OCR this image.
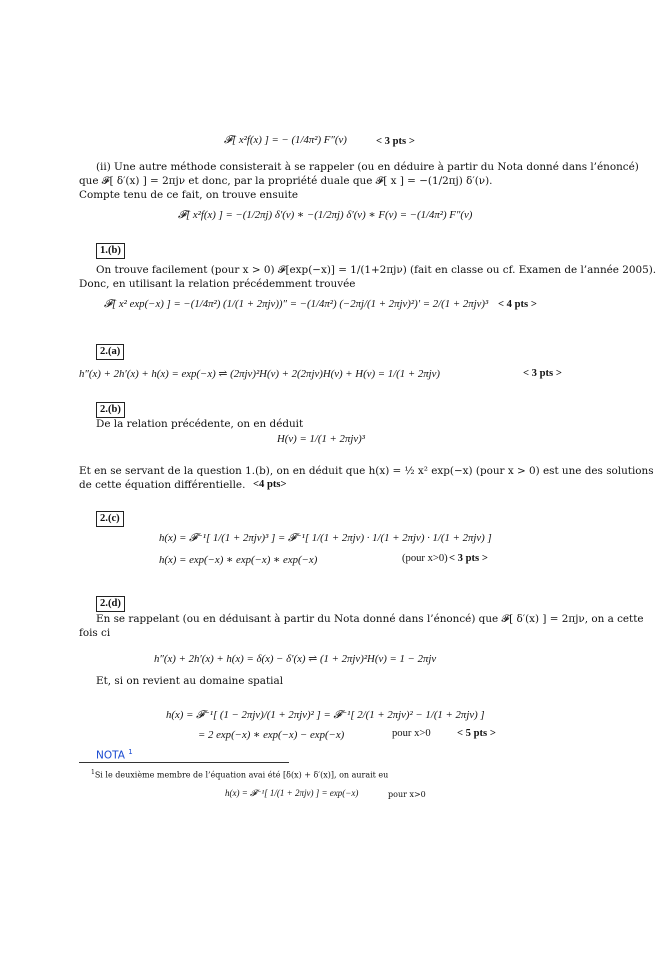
𝓕[ x²f(x) ] = − (1/4π²) F″(ν)	< 3 pts >
(ii) Une autre méthode consisterait à se rappeler (ou en déduire à partir du Nota donné dans l’énoncé)
que 𝓕[ δ′(x) ] = 2πjν et donc, par la propriété duale que 𝓕[ x ] = −(1/2πj) δ′(ν).
Compte tenu de ce fait, on trouve ensuite
𝓕[ x²f(x) ] = −(1/2πj) δ′(ν) ∗ −(1/2πj) δ′(ν) ∗ F(ν) = −(1/4π²) F″(ν)
1.(b)
On trouve facilement (pour x > 0) 𝓕[exp(−x)] = 1/(1+2πjν) (fait en classe ou cf. Examen de l’année 2005).
Donc, en utilisant la relation précédemment trouvée
𝓕[ x² exp(−x) ] = −(1/4π²) (1/(1 + 2πjν))″ = −(1/4π²) (−2πj/(1 + 2πjν)²)′ = 2/(1 + 2πjν)³ < 4 pts >
2.(a)
h″(x) + 2h′(x) + h(x) = exp(−x) ⇌ (2πjν)²H(ν) + 2(2πjν)H(ν) + H(ν) = 1/(1 + 2πjν)	< 3 pts >
2.(b)
De la relation précédente, on en déduit
H(ν) = 1/(1 + 2πjν)³
Et en se servant de la question 1.(b), on en déduit que h(x) = ½ x² exp(−x) (pour x > 0) est une des solutions
de cette équation différentielle. <4 pts>
2.(c)
h(x) = 𝓕⁻¹[ 1/(1 + 2πjν)³ ] = 𝓕⁻¹[ 1/(1 + 2πjν) · 1/(1 + 2πjν) · 1/(1 + 2πjν) ]
h(x) = exp(−x) ∗ exp(−x) ∗ exp(−x)	(pour x>0) < 3 pts >
2.(d)
En se rappelant (ou en déduisant à partir du Nota donné dans l’énoncé) que 𝓕[ δ′(x) ] = 2πjν, on a cette
fois ci
h″(x) + 2h′(x) + h(x) = δ(x) − δ′(x) ⇌ (1 + 2πjν)²H(ν) = 1 − 2πjν
Et, si on revient au domaine spatial
h(x) = 𝓕⁻¹[ (1 − 2πjν)/(1 + 2πjν)² ] = 𝓕⁻¹[ 2/(1 + 2πjν)² − 1/(1 + 2πjν) ]
= 2 exp(−x) ∗ exp(−x) − exp(−x)	pour x>0 < 5 pts >
NOTA $^1$
$^1$Si le deuxième membre de l’équation avai été [δ(x) + δ′(x)], on aurait eu
h(x) = 𝓕⁻¹[ 1/(1 + 2πjν) ] = exp(−x)	pour x>0
